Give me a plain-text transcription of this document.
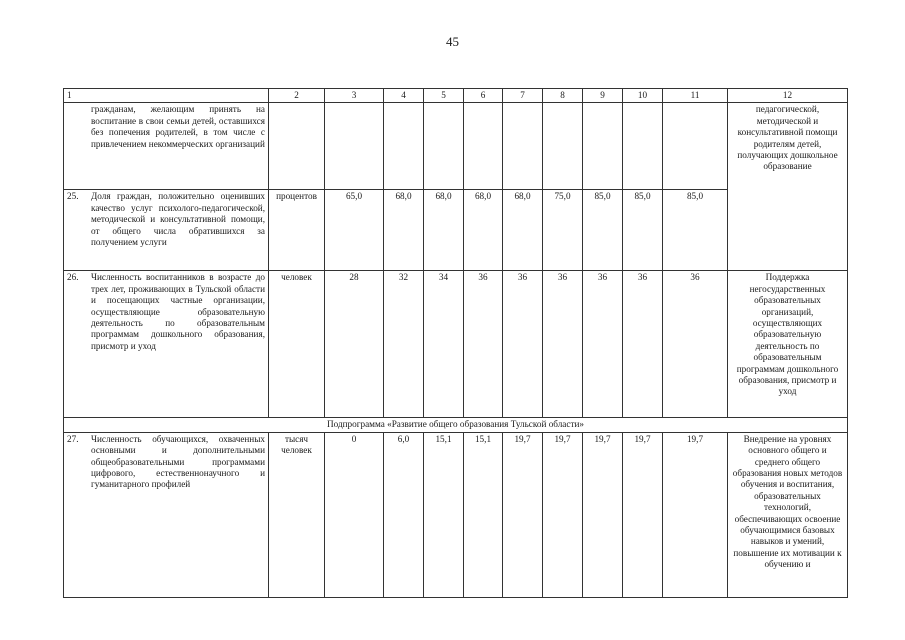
45
1	2	3	4	5	6	7	8	9	10	11	12
гражданам, желающим принять на воспитание в свои семьи детей, оставшихся без попечения родителей, в том числе с привлечением некоммерческих организаций											педагогической, методической и консультативной помощи родителям детей, получающих дошкольное образование

25. Доля граждан, положительно оценивших качество услуг психолого-педагогической, методической и консультативной помощи, от общего числа обратившихся за получением услуги	процентов	65,0	68,0	68,0	68,0	68,0	75,0	85,0	85,0	85,0	

26. Численность воспитанников в возрасте до трех лет, проживающих в Тульской области и посещающих частные организации, осуществляющие образовательную деятельность по образовательным программам дошкольного образования, присмотр и уход	человек	28	32	34	36	36	36	36	36	36	Поддержка негосударственных образовательных организаций, осуществляющих образовательную деятельность по образовательным программам дошкольного образования, присмотр и уход
Подпрограмма «Развитие общего образования Тульской области»											

27. Численность обучающихся, охваченных основными и дополнительными общеобразовательными программами цифрового, естественнонаучного и гуманитарного профилей	тысяч человек	0	6,0	15,1	15,1	19,7	19,7	19,7	19,7	19,7	Внедрение на уровнях основного общего и среднего общего образования новых методов обучения и воспитания, образовательных технологий, обеспечивающих освоение обучающимися базовых навыков и умений, повышение их мотивации к обучению и
